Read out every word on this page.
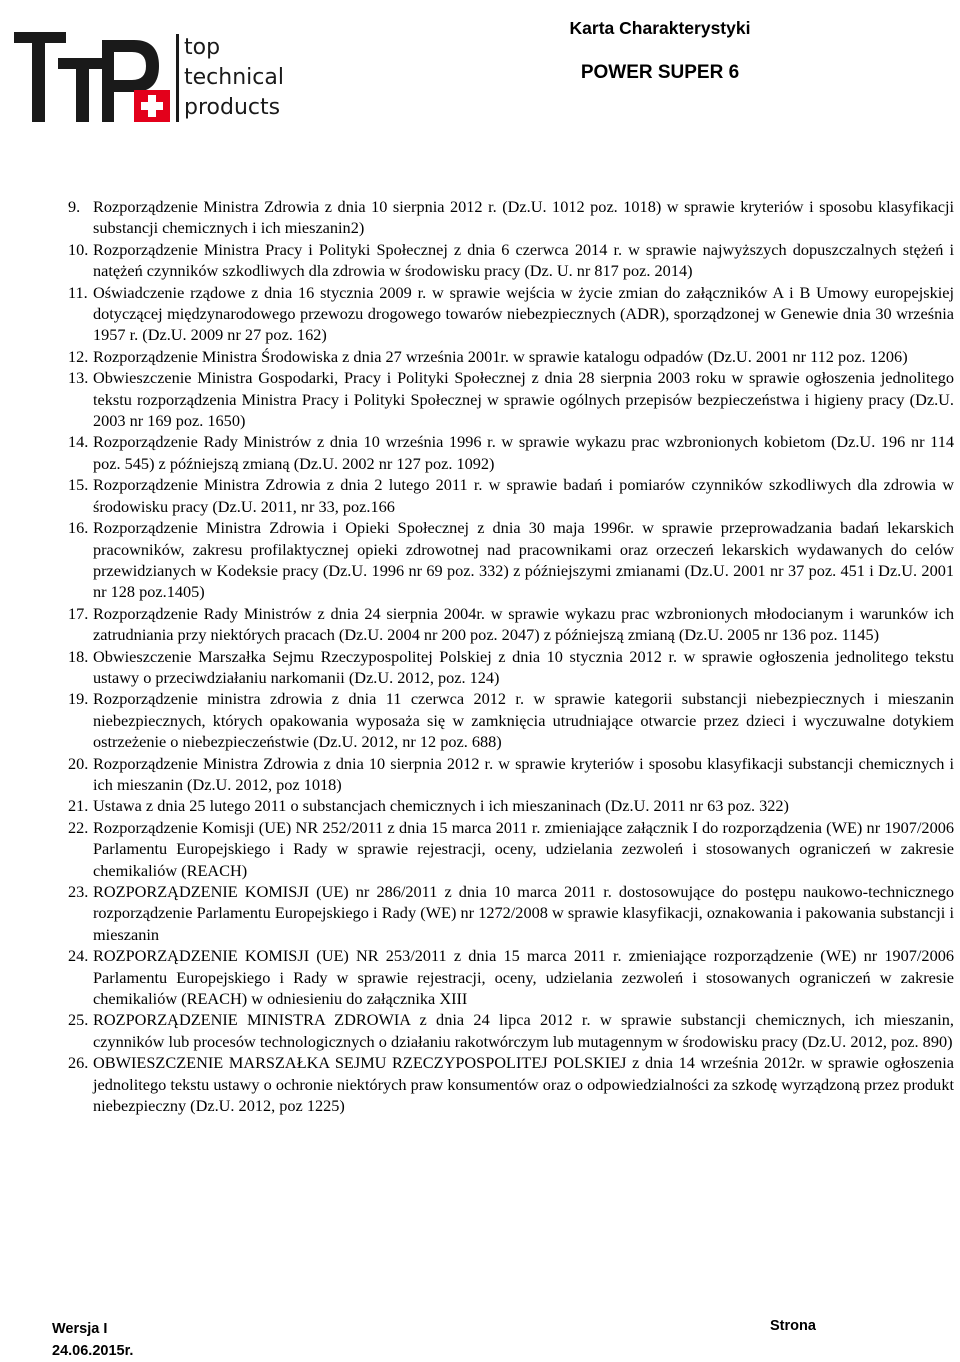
top
technical
products
Karta Charakterystyki
POWER SUPER 6
9. Rozporządzenie Ministra Zdrowia z dnia 10 sierpnia 2012 r. (Dz.U. 1012 poz. 1018) w sprawie kryteriów i sposobu klasyfikacji substancji chemicznych i ich mieszanin2)
10. Rozporządzenie Ministra Pracy i Polityki Społecznej z dnia 6 czerwca 2014 r. w sprawie najwyższych dopuszczalnych stężeń i natężeń czynników szkodliwych dla zdrowia w środowisku pracy (Dz. U. nr 817 poz. 2014)
11. Oświadczenie rządowe z dnia 16 stycznia 2009 r. w sprawie wejścia w życie zmian do załączników A i B Umowy europejskiej dotyczącej międzynarodowego przewozu drogowego towarów niebezpiecznych (ADR), sporządzonej w Genewie dnia 30 września 1957 r. (Dz.U. 2009 nr 27 poz. 162)
12. Rozporządzenie Ministra Środowiska z dnia 27 września 2001r. w sprawie katalogu odpadów (Dz.U. 2001 nr 112 poz. 1206)
13. Obwieszczenie Ministra Gospodarki, Pracy i Polityki Społecznej z dnia 28 sierpnia 2003 roku w sprawie ogłoszenia jednolitego tekstu rozporządzenia Ministra Pracy i Polityki Społecznej w sprawie ogólnych przepisów bezpieczeństwa i higieny pracy (Dz.U. 2003 nr 169 poz. 1650)
14. Rozporządzenie Rady Ministrów z dnia 10 września 1996 r. w sprawie wykazu prac wzbronionych kobietom (Dz.U. 196 nr 114 poz. 545) z późniejszą zmianą (Dz.U. 2002 nr 127 poz. 1092)
15. Rozporządzenie Ministra Zdrowia z dnia 2 lutego 2011 r. w sprawie badań i pomiarów czynników szkodliwych dla zdrowia w środowisku pracy (Dz.U. 2011, nr 33, poz.166
16. Rozporządzenie Ministra Zdrowia i Opieki Społecznej z dnia 30 maja 1996r. w sprawie przeprowadzania badań lekarskich pracowników, zakresu profilaktycznej opieki zdrowotnej nad pracownikami oraz orzeczeń lekarskich wydawanych do celów przewidzianych w Kodeksie pracy (Dz.U. 1996 nr 69 poz. 332) z późniejszymi zmianami (Dz.U. 2001 nr 37 poz. 451 i Dz.U. 2001 nr 128 poz.1405)
17. Rozporządzenie Rady Ministrów z dnia 24 sierpnia 2004r. w sprawie wykazu prac wzbronionych młodocianym i warunków ich zatrudniania przy niektórych pracach (Dz.U. 2004 nr 200 poz. 2047) z późniejszą zmianą (Dz.U. 2005 nr 136 poz. 1145)
18. Obwieszczenie Marszałka Sejmu Rzeczypospolitej Polskiej z dnia 10 stycznia 2012 r. w sprawie ogłoszenia jednolitego tekstu ustawy o przeciwdziałaniu narkomanii (Dz.U. 2012, poz. 124)
19. Rozporządzenie ministra zdrowia z dnia 11 czerwca 2012 r. w sprawie kategorii substancji niebezpiecznych i mieszanin niebezpiecznych, których opakowania wyposaża się w zamknięcia utrudniające otwarcie przez dzieci i wyczuwalne dotykiem ostrzeżenie o niebezpieczeństwie (Dz.U. 2012, nr 12 poz. 688)
20. Rozporządzenie Ministra Zdrowia z dnia 10 sierpnia 2012 r. w sprawie kryteriów i sposobu klasyfikacji substancji chemicznych i ich mieszanin (Dz.U. 2012, poz 1018)
21. Ustawa z dnia 25 lutego 2011 o substancjach chemicznych i ich mieszaninach (Dz.U. 2011 nr 63 poz. 322)
22. Rozporządzenie Komisji (UE) NR 252/2011 z dnia 15 marca 2011 r. zmieniające załącznik I do rozporządzenia (WE) nr 1907/2006 Parlamentu Europejskiego i Rady w sprawie rejestracji, oceny, udzielania zezwoleń i stosowanych ograniczeń w zakresie chemikaliów (REACH)
23. ROZPORZĄDZENIE KOMISJI (UE) nr 286/2011 z dnia 10 marca 2011 r. dostosowujące do postępu naukowo-technicznego rozporządzenie Parlamentu Europejskiego i Rady (WE) nr 1272/2008 w sprawie klasyfikacji, oznakowania i pakowania substancji i mieszanin
24. ROZPORZĄDZENIE KOMISJI (UE) NR 253/2011 z dnia 15 marca 2011 r. zmieniające rozporządzenie (WE) nr 1907/2006 Parlamentu Europejskiego i Rady w sprawie rejestracji, oceny, udzielania zezwoleń i stosowanych ograniczeń w zakresie chemikaliów (REACH) w odniesieniu do załącznika XIII
25. ROZPORZĄDZENIE MINISTRA ZDROWIA z dnia 24 lipca 2012 r. w sprawie substancji chemicznych, ich mieszanin, czynników lub procesów technologicznych o działaniu rakotwórczym lub mutagennym w środowisku pracy (Dz.U. 2012, poz. 890)
26. OBWIESZCZENIE MARSZAŁKA SEJMU RZECZYPOSPOLITEJ POLSKIEJ z dnia 14 września 2012r. w sprawie ogłoszenia jednolitego tekstu ustawy o ochronie niektórych praw konsumentów oraz o odpowiedzialności za szkodę wyrządzoną przez produkt niebezpieczny (Dz.U. 2012, poz 1225)
Wersja I
24.06.2015r.
Strona
